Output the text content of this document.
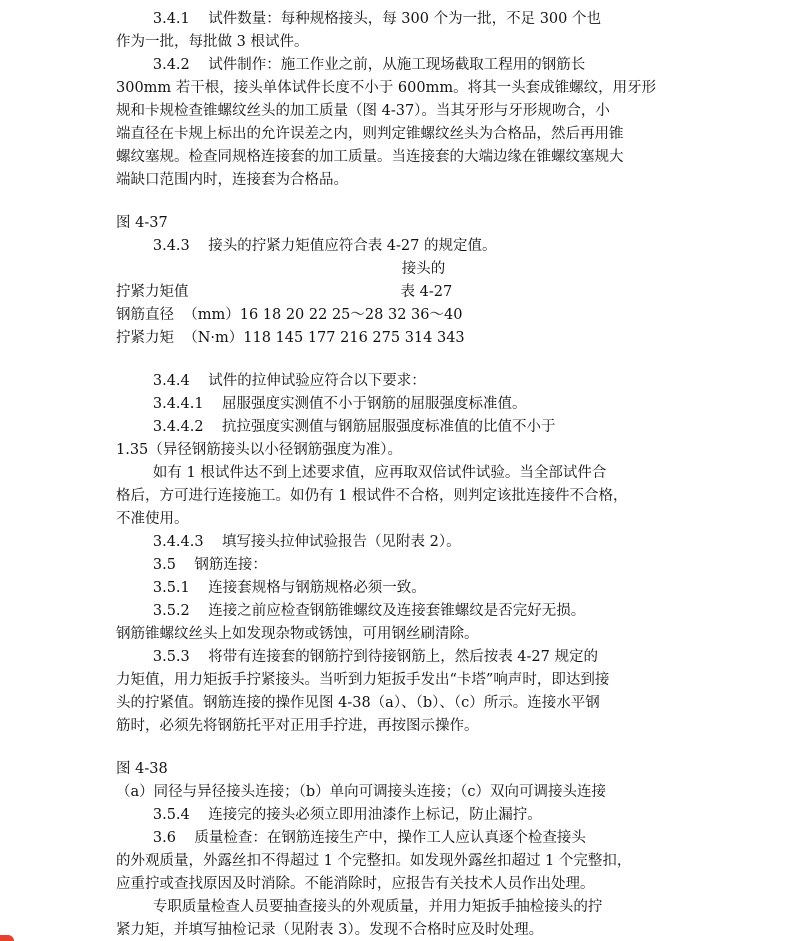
3.4.1    试件数量：每种规格接头，每 300 个为一批，不足 300 个也
作为一批，每批做 3 根试件。
3.4.2    试件制作：施工作业之前，从施工现场截取工程用的钢筋长
300mm 若干根，接头单体试件长度不小于 600mm。将其一头套成锥螺纹，用牙形
规和卡规检查锥螺纹丝头的加工质量（图 4-37）。当其牙形与牙形规吻合，小
端直径在卡规上标出的允许误差之内，则判定锥螺纹丝头为合格品，然后再用锥
螺纹塞规。检查同规格连接套的加工质量。当连接套的大端边缘在锥螺纹塞规大
端缺口范围内时，连接套为合格品。
图 4-37
3.4.3    接头的拧紧力矩值应符合表 4-27 的规定值。
接头的
拧紧力矩值                                              表 4-27
钢筋直径  （mm）16 18 20 22 25～28 32 36～40
拧紧力矩  （N·m）118 145 177 216 275 314 343
3.4.4    试件的拉伸试验应符合以下要求：
3.4.4.1    屈服强度实测值不小于钢筋的屈服强度标准值。
3.4.4.2    抗拉强度实测值与钢筋屈服强度标准值的比值不小于
1.35（异径钢筋接头以小径钢筋强度为准）。
如有 1 根试件达不到上述要求值，应再取双倍试件试验。当全部试件合
格后，方可进行连接施工。如仍有 1 根试件不合格，则判定该批连接件不合格，
不准使用。
3.4.4.3    填写接头拉伸试验报告（见附表 2）。
3.5    钢筋连接：
3.5.1    连接套规格与钢筋规格必须一致。
3.5.2    连接之前应检查钢筋锥螺纹及连接套锥螺纹是否完好无损。
钢筋锥螺纹丝头上如发现杂物或锈蚀，可用钢丝刷清除。
3.5.3    将带有连接套的钢筋拧到待接钢筋上，然后按表 4-27 规定的
力矩值，用力矩扳手拧紧接头。当听到力矩扳手发出“卡塔”响声时，即达到接
头的拧紧值。钢筋连接的操作见图 4-38（a）、（b）、（c）所示。连接水平钢
筋时，必须先将钢筋托平对正用手拧进，再按图示操作。
图 4-38
（a）同径与异径接头连接；（b）单向可调接头连接；（c）双向可调接头连接
3.5.4    连接完的接头必须立即用油漆作上标记，防止漏拧。
3.6    质量检查：在钢筋连接生产中，操作工人应认真逐个检查接头
的外观质量，外露丝扣不得超过 1 个完整扣。如发现外露丝扣超过 1 个完整扣，
应重拧或查找原因及时消除。不能消除时，应报告有关技术人员作出处理。
专职质量检查人员要抽查接头的外观质量，并用力矩扳手抽检接头的拧
紧力矩，并填写抽检记录（见附表 3）。发现不合格时应及时处理。
